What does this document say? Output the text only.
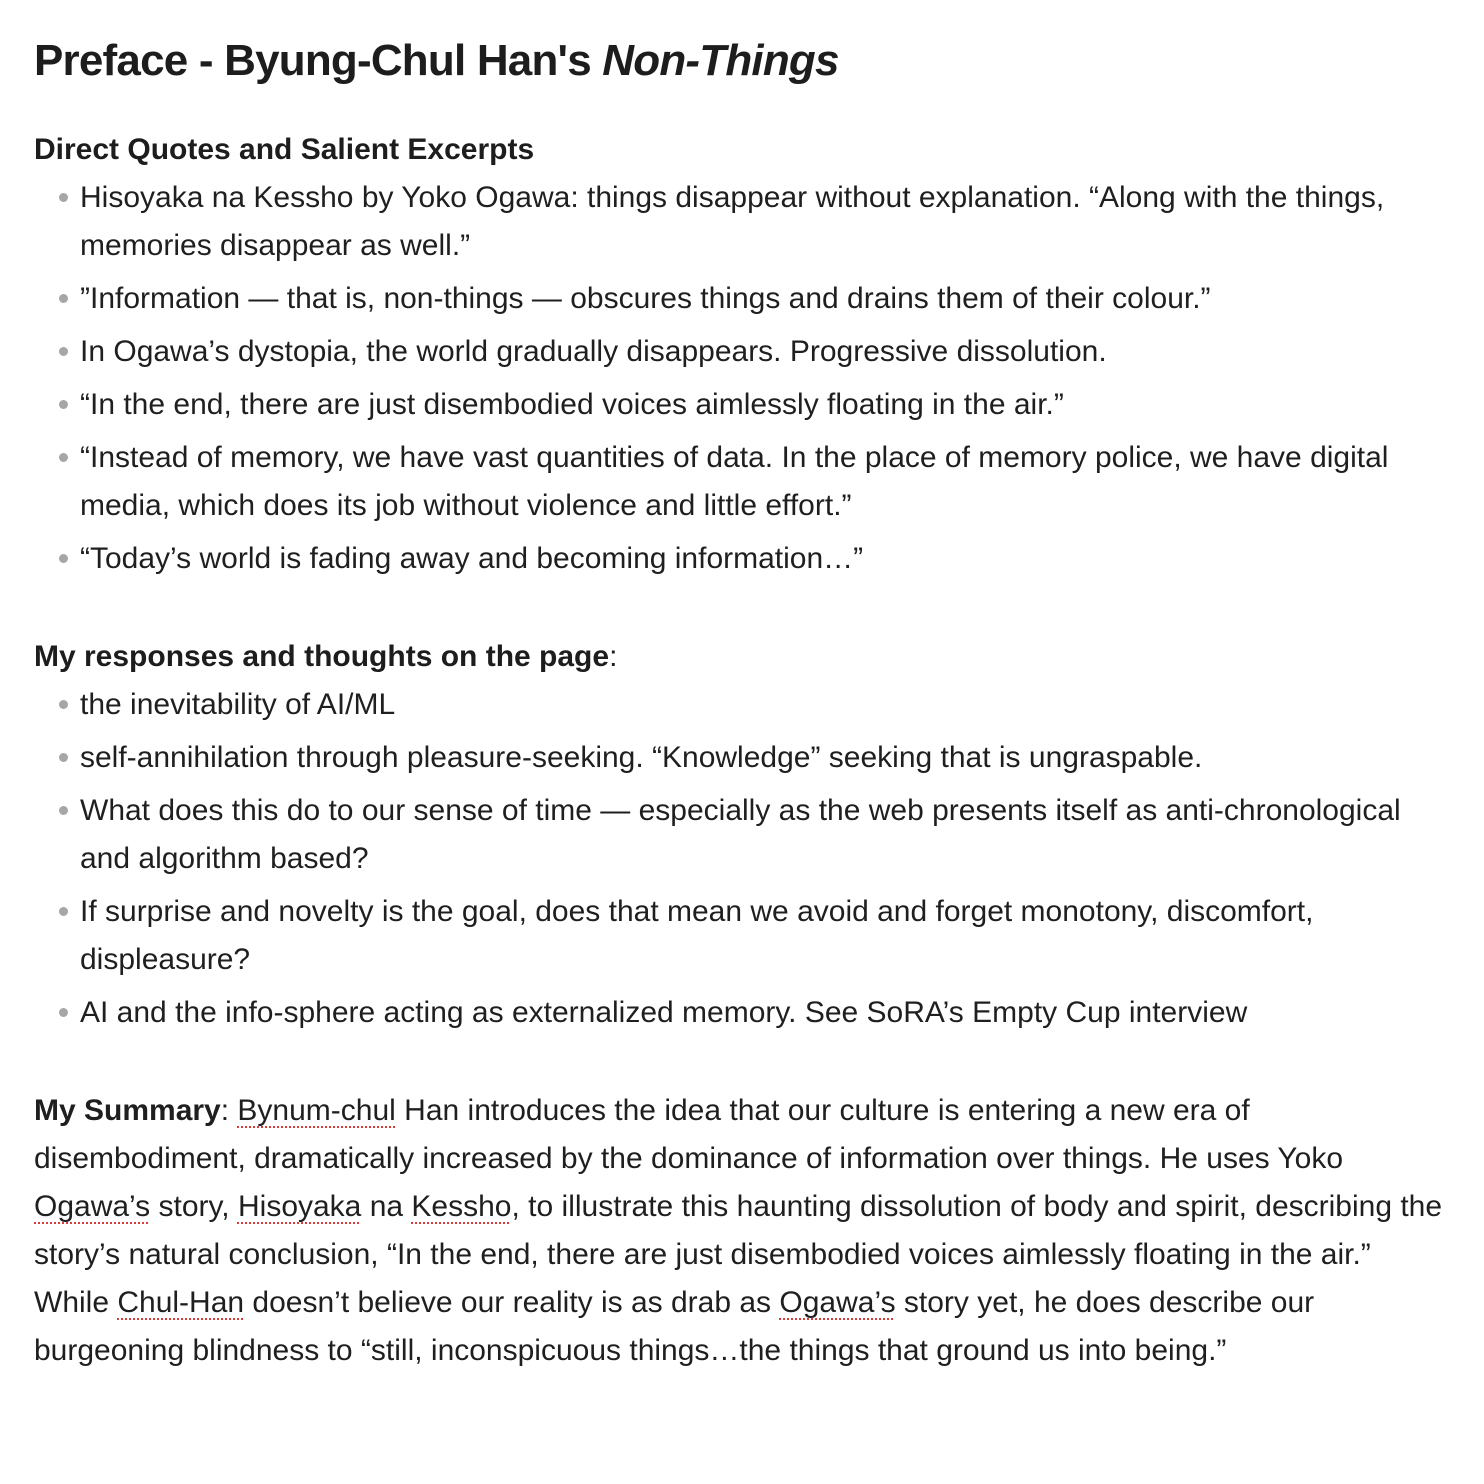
Preface - Byung-Chul Han's Non-Things
Direct Quotes and Salient Excerpts
Hisoyaka na Kessho by Yoko Ogawa: things disappear without explanation. “Along with the things, memories disappear as well.”
”Information — that is, non-things — obscures things and drains them of their colour.”
In Ogawa’s dystopia, the world gradually disappears. Progressive dissolution.
“In the end, there are just disembodied voices aimlessly floating in the air.”
“Instead of memory, we have vast quantities of data. In the place of memory police, we have digital media, which does its job without violence and little effort.”
“Today’s world is fading away and becoming information…”
My responses and thoughts on the page:
the inevitability of AI/ML
self-annihilation through pleasure-seeking. “Knowledge” seeking that is ungraspable.
What does this do to our sense of time — especially as the web presents itself as anti-chronological and algorithm based?
If surprise and novelty is the goal, does that mean we avoid and forget monotony, discomfort, displeasure?
AI and the info-sphere acting as externalized memory. See SoRA’s Empty Cup interview

My Summary: Bynum-chul Han introduces the idea that our culture is entering a new era of disembodiment, dramatically increased by the dominance of information over things. He uses Yoko Ogawa’s story, Hisoyaka na Kessho, to illustrate this haunting dissolution of body and spirit, describing the story’s natural conclusion, “In the end, there are just disembodied voices aimlessly floating in the air.” While Chul-Han doesn’t believe our reality is as drab as Ogawa’s story yet, he does describe our burgeoning blindness to “still, inconspicuous things…the things that ground us into being.”
